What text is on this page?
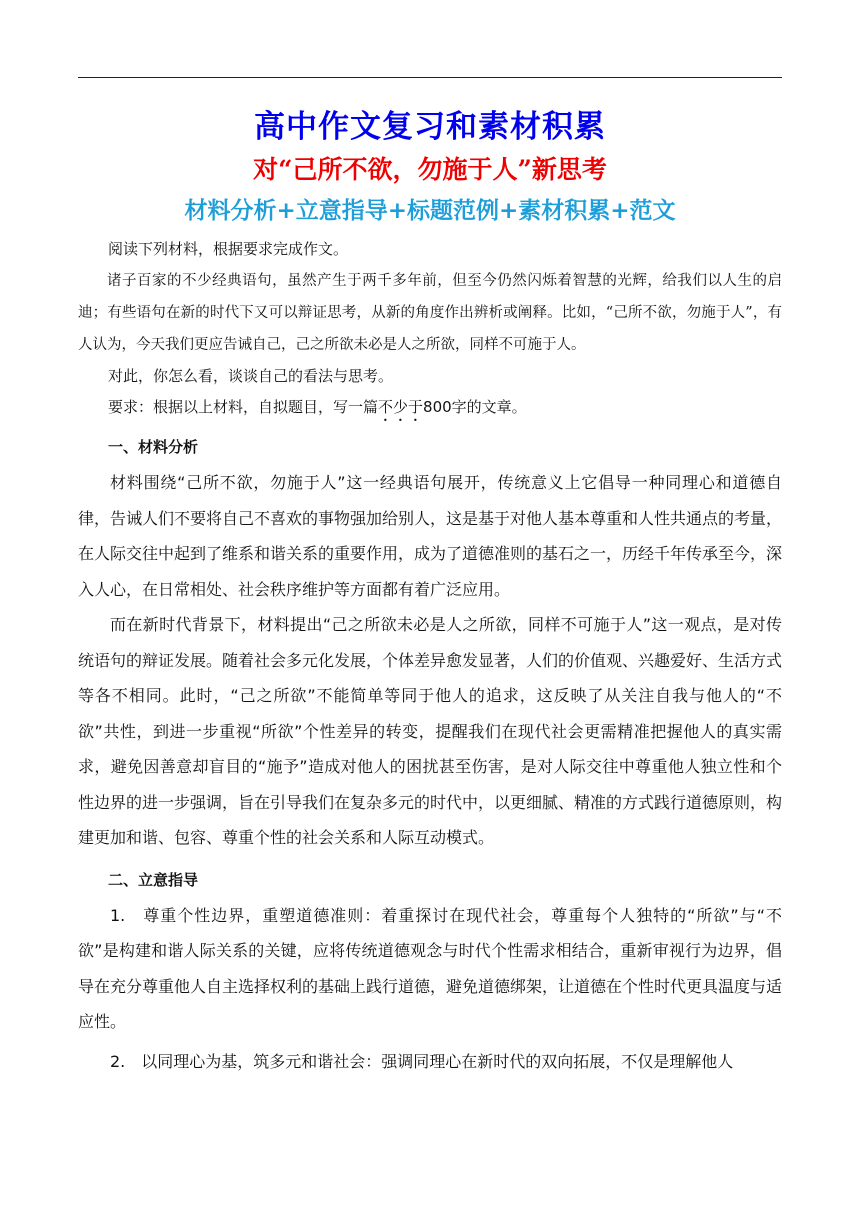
高中作文复习和素材积累
对“己所不欲，勿施于人”新思考
材料分析+立意指导+标题范例+素材积累+范文

阅读下列材料，根据要求完成作文。

诸子百家的不少经典语句，虽然产生于两千多年前，但至今仍然闪烁着智慧的光辉，给我们以人生的启迪；有些语句在新的时代下又可以辩证思考，从新的角度作出辨析或阐释。比如，“己所不欲，勿施于人”，有人认为，今天我们更应告诫自己，己之所欲未必是人之所欲，同样不可施于人。

对此，你怎么看，谈谈自己的看法与思考。

要求：根据以上材料，自拟题目，写一篇不少于800字的文章。

一、材料分析

材料围绕“己所不欲，勿施于人”这一经典语句展开，传统意义上它倡导一种同理心和道德自律，告诫人们不要将自己不喜欢的事物强加给别人，这是基于对他人基本尊重和人性共通点的考量，在人际交往中起到了维系和谐关系的重要作用，成为了道德准则的基石之一，历经千年传承至今，深入人心，在日常相处、社会秩序维护等方面都有着广泛应用。

而在新时代背景下，材料提出“己之所欲未必是人之所欲，同样不可施于人”这一观点，是对传统语句的辩证发展。随着社会多元化发展，个体差异愈发显著，人们的价值观、兴趣爱好、生活方式等各不相同。此时，“己之所欲”不能简单等同于他人的追求，这反映了从关注自我与他人的“不欲”共性，到进一步重视“所欲”个性差异的转变，提醒我们在现代社会更需精准把握他人的真实需求，避免因善意却盲目的“施予”造成对他人的困扰甚至伤害，是对人际交往中尊重他人独立性和个性边界的进一步强调，旨在引导我们在复杂多元的时代中，以更细腻、精准的方式践行道德原则，构建更加和谐、包容、尊重个性的社会关系和人际互动模式。

二、立意指导

1.　尊重个性边界，重塑道德准则：着重探讨在现代社会，尊重每个人独特的“所欲”与“不欲”是构建和谐人际关系的关键，应将传统道德观念与时代个性需求相结合，重新审视行为边界，倡导在充分尊重他人自主选择权利的基础上践行道德，避免道德绑架，让道德在个性时代更具温度与适应性。

2.　以同理心为基，筑多元和谐社会：强调同理心在新时代的双向拓展，不仅是理解他人
